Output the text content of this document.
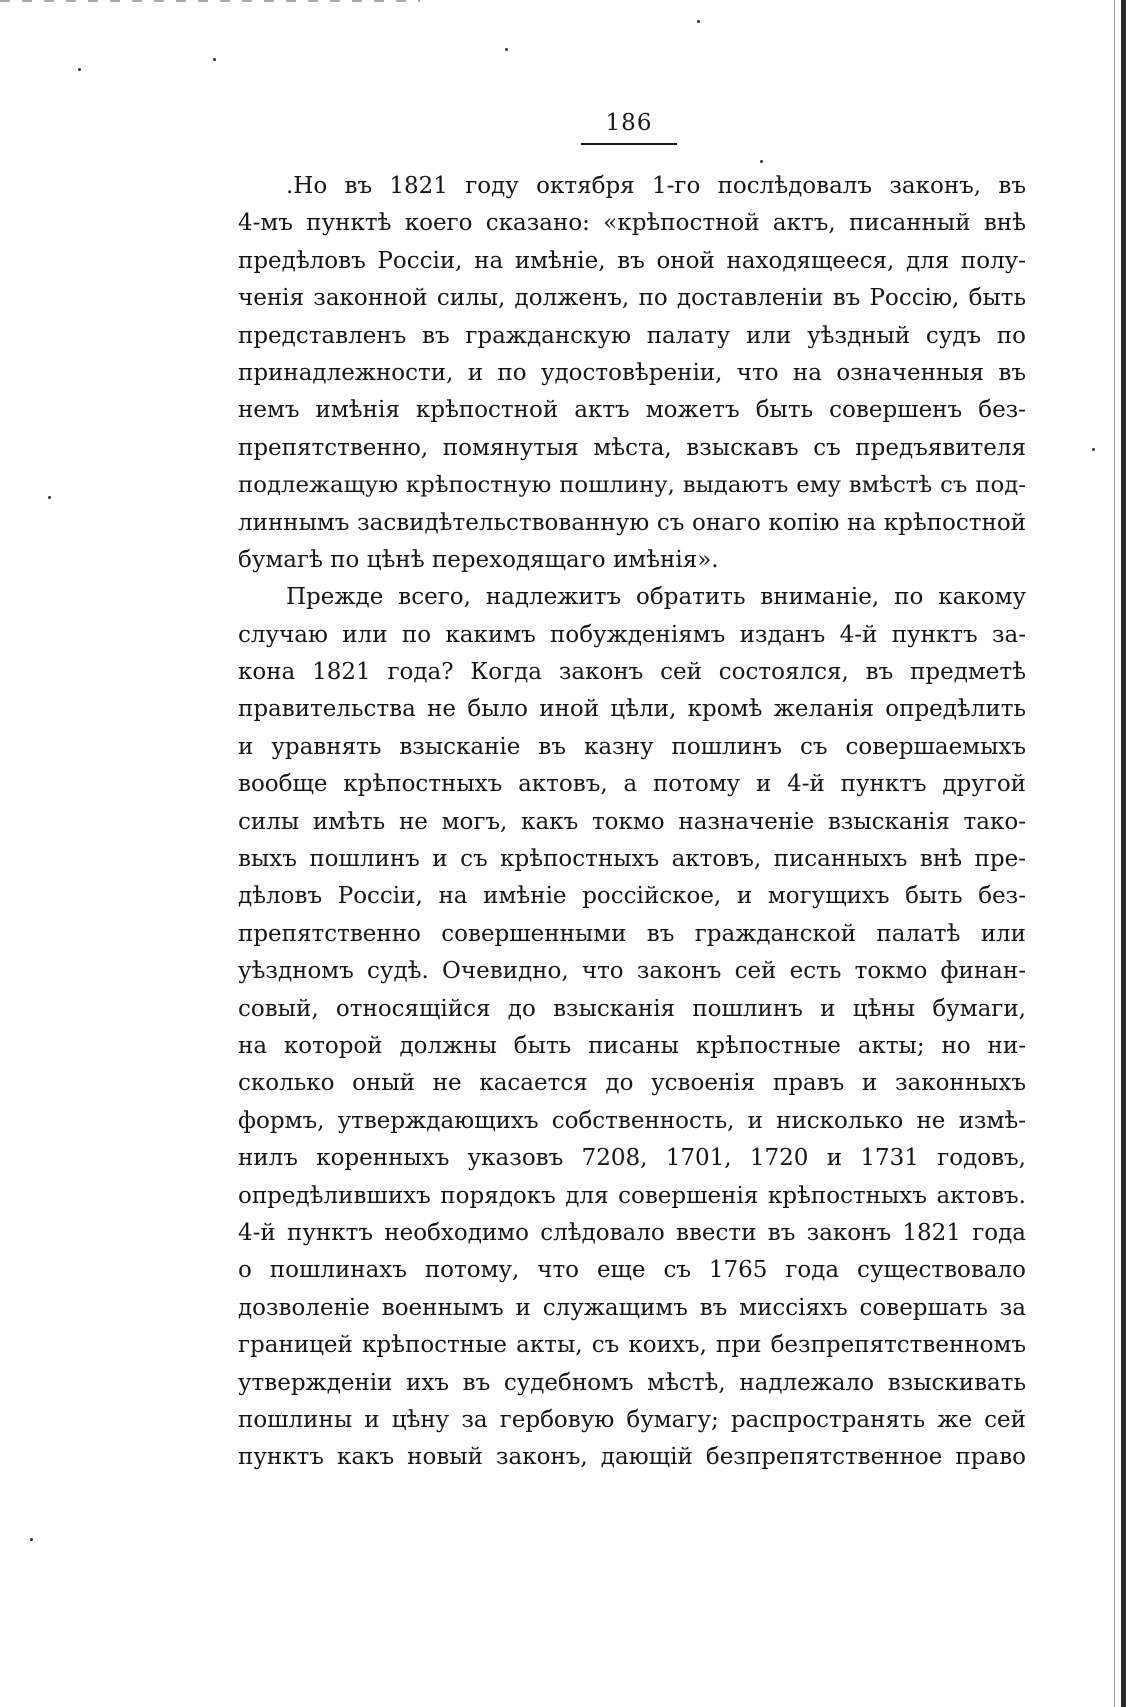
186
.Но въ 1821 году октября 1-го послѣдовалъ законъ, въ
4-мъ пунктѣ коего сказано: «крѣпостной актъ, писанный внѣ
предѣловъ Россіи, на имѣніе, въ оной находящееся, для полу-
ченія законной силы, долженъ, по доставленіи въ Россію, быть
представленъ въ гражданскую палату или уѣздный судъ по
принадлежности, и по удостовѣреніи, что на означенныя въ
немъ имѣнія крѣпостной актъ можетъ быть совершенъ без-
препятственно, помянутыя мѣста, взыскавъ съ предъявителя
подлежащую крѣпостную пошлину, выдаютъ ему вмѣстѣ съ под-
линнымъ засвидѣтельствованную съ онаго копію на крѣпостной
бумагѣ по цѣнѣ переходящаго имѣнія».
Прежде всего, надлежитъ обратить вниманіе, по какому
случаю или по какимъ побужденіямъ изданъ 4-й пунктъ за-
кона 1821 года? Когда законъ сей состоялся, въ предметѣ
правительства не было иной цѣли, кромѣ желанія опредѣлить
и уравнять взысканіе въ казну пошлинъ съ совершаемыхъ
вообще крѣпостныхъ актовъ, а потому и 4-й пунктъ другой
силы имѣть не могъ, какъ токмо назначеніе взысканія тако-
выхъ пошлинъ и съ крѣпостныхъ актовъ, писанныхъ внѣ пре-
дѣловъ Россіи, на имѣніе россійское, и могущихъ быть без-
препятственно совершенными въ гражданской палатѣ или
уѣздномъ судѣ. Очевидно, что законъ сей есть токмо финан-
совый, относящійся до взысканія пошлинъ и цѣны бумаги,
на которой должны быть писаны крѣпостные акты; но ни-
сколько оный не касается до усвоенія правъ и законныхъ
формъ, утверждающихъ собственность, и нисколько не измѣ-
нилъ коренныхъ указовъ 7208, 1701, 1720 и 1731 годовъ,
опредѣлившихъ порядокъ для совершенія крѣпостныхъ актовъ.
4-й пунктъ необходимо слѣдовало ввести въ законъ 1821 года
о пошлинахъ потому, что еще съ 1765 года существовало
дозволеніе военнымъ и служащимъ въ миссіяхъ совершать за
границей крѣпостные акты, съ коихъ, при безпрепятственномъ
утвержденіи ихъ въ судебномъ мѣстѣ, надлежало взыскивать
пошлины и цѣну за гербовую бумагу; распространять же сей
пунктъ какъ новый законъ, дающій безпрепятственное право
